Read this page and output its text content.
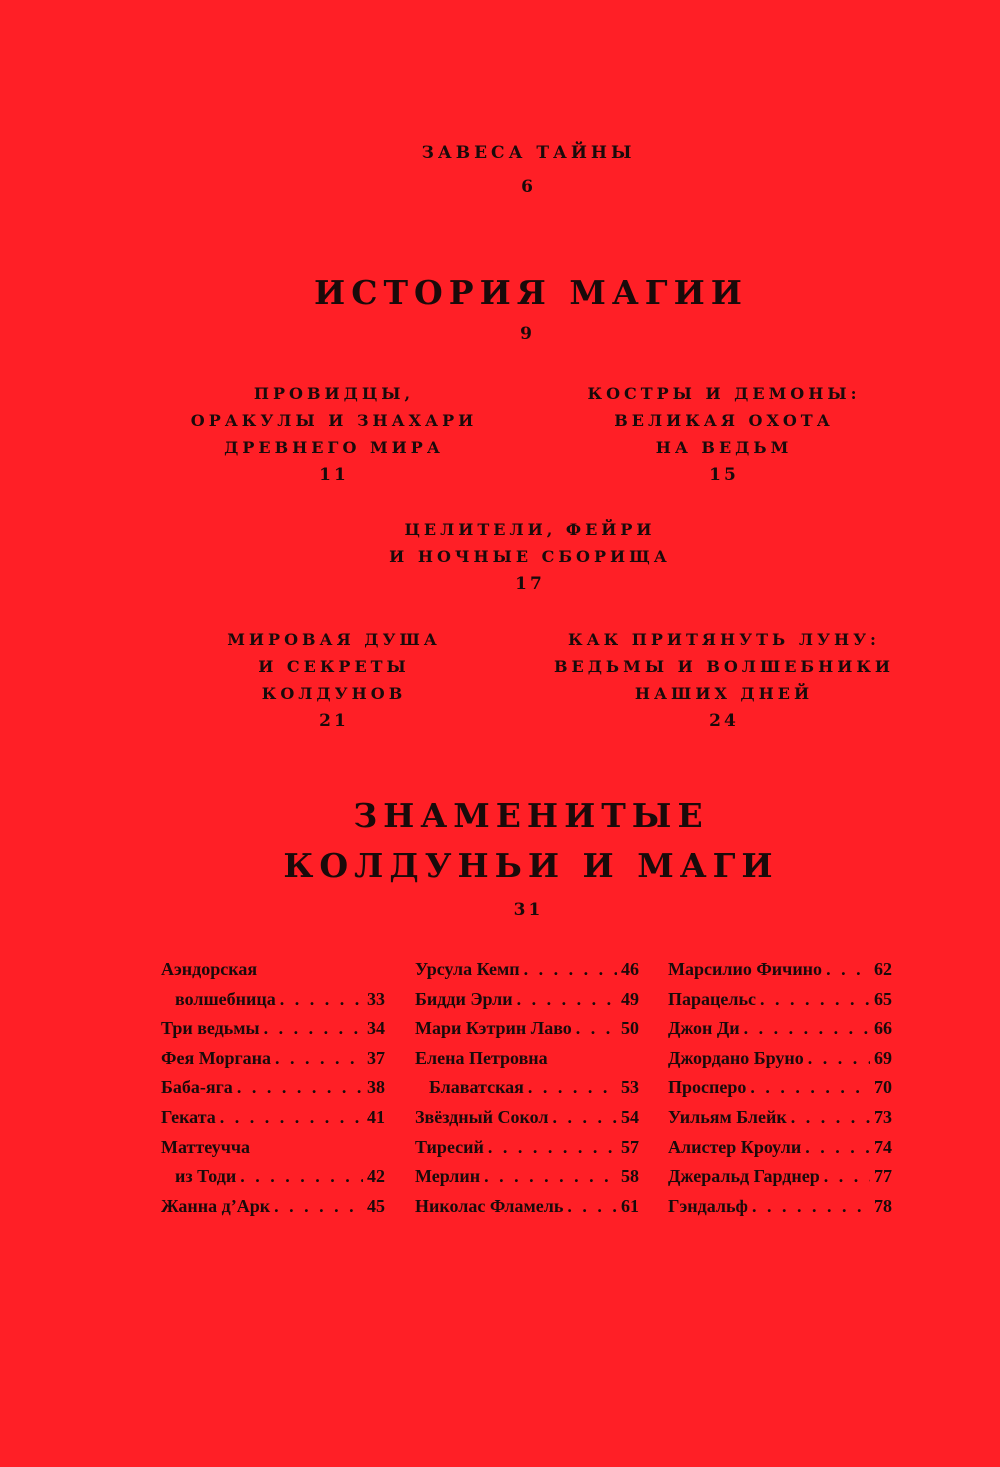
ЗАВЕСА ТАЙНЫ
6
ИСТОРИЯ МАГИИ
9
ПРОВИДЦЫ,
ОРАКУЛЫ И ЗНАХАРИ
ДРЕВНЕГО МИРА
11
КОСТРЫ И ДЕМОНЫ:
ВЕЛИКАЯ ОХОТА
НА ВЕДЬМ
15
ЦЕЛИТЕЛИ, ФЕЙРИ
И НОЧНЫЕ СБОРИЩА
17
МИРОВАЯ ДУША
И СЕКРЕТЫ
КОЛДУНОВ
21
КАК ПРИТЯНУТЬ ЛУНУ:
ВЕДЬМЫ И ВОЛШЕБНИКИ
НАШИХ ДНЕЙ
24
ЗНАМЕНИТЫЕ
КОЛДУНЬИ И МАГИ
31
Аэндорская
волшебница . . .	33
Три ведьмы . . .	34
Фея Моргана . . .	37
Баба-яга . . .	38
Геката . . .	41
Маттеучча
из Тоди . . .	42
Жанна д’Арк . . .	45
Урсула Кемп . . .	46
Бидди Эрли . . .	49
Мари Кэтрин Лаво . . .	50
Елена Петровна
Блаватская . . .	53
Звёздный Сокол . . .	54
Тиресий . . .	57
Мерлин . . .	58
Николас Фламель . . .	61
Марсилио Фичино . . .	62
Парацельс . . .	65
Джон Ди . . .	66
Джордано Бруно . . .	69
Просперо . . .	70
Уильям Блейк . . .	73
Алистер Кроули . . .	74
Джеральд Гарднер . . .	77
Гэндальф . . .	78
